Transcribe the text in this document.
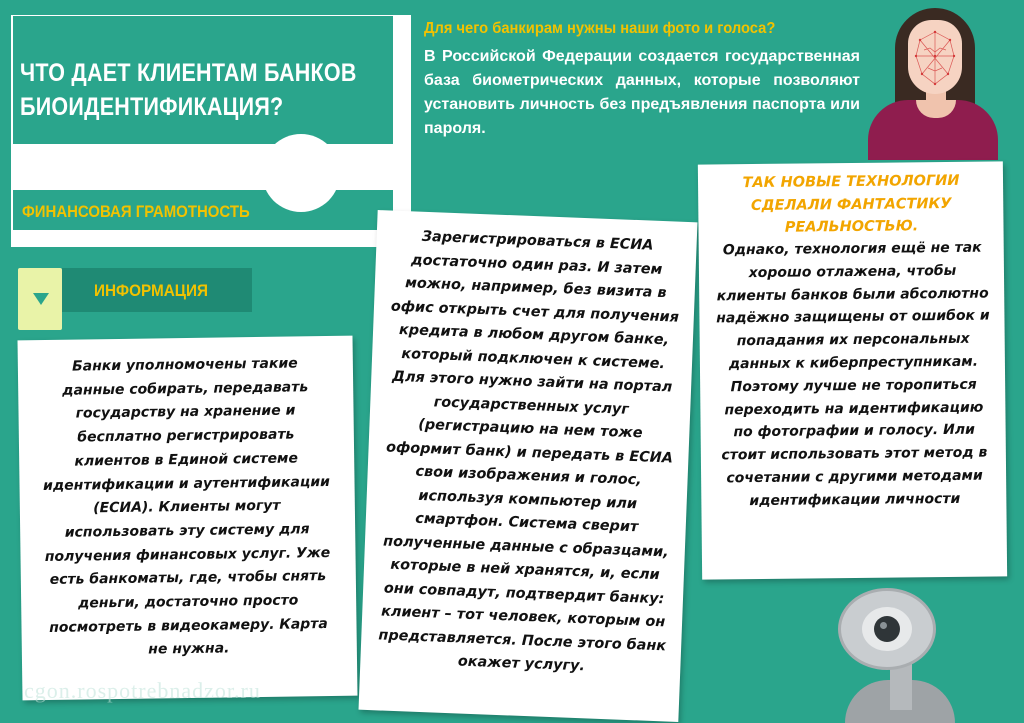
ЧТО ДАЕТ КЛИЕНТАМ БАНКОВ
БИОИДЕНТИФИКАЦИЯ?
ФИНАНСОВАЯ ГРАМОТНОСТЬ
ИНФОРМАЦИЯ
Для чего банкирам нужны наши фото и голоса?
В Российской Федерации создается государственная база биометрических данных, которые позволяют установить личность без предъявления паспорта или пароля.
Банки уполномочены такие данные собирать, передавать государству на хранение и бесплатно регистрировать клиентов в Единой системе идентификации и аутентификации (ЕСИА). Клиенты могут использовать эту систему для получения финансовых услуг. Уже есть банкоматы, где, чтобы снять деньги, достаточно просто посмотреть в видеокамеру. Карта не нужна.
Зарегистрироваться в ЕСИА достаточно один раз. И затем можно, например, без визита в офис открыть счет для получения кредита в любом другом банке, который подключен к системе. Для этого нужно зайти на портал государственных услуг (регистрацию на нем тоже оформит банк) и передать в ЕСИА свои изображения и голос, используя компьютер или смартфон. Система сверит полученные данные с образцами, которые в ней хранятся, и, если они совпадут, подтвердит банку: клиент – тот человек, которым он представляется. После этого банк окажет услугу.
ТАК НОВЫЕ ТЕХНОЛОГИИ СДЕЛАЛИ ФАНТАСТИКУ РЕАЛЬНОСТЬЮ.
Однако, технология ещё не так хорошо отлажена, чтобы клиенты банков были абсолютно надёжно защищены от ошибок и попадания их персональных данных к киберпреступникам. Поэтому лучше не торопиться переходить на идентификацию по фотографии и голосу. Или стоит использовать этот метод в сочетании с другими методами идентификации личности
cgon.rospotrebnadzor.ru
